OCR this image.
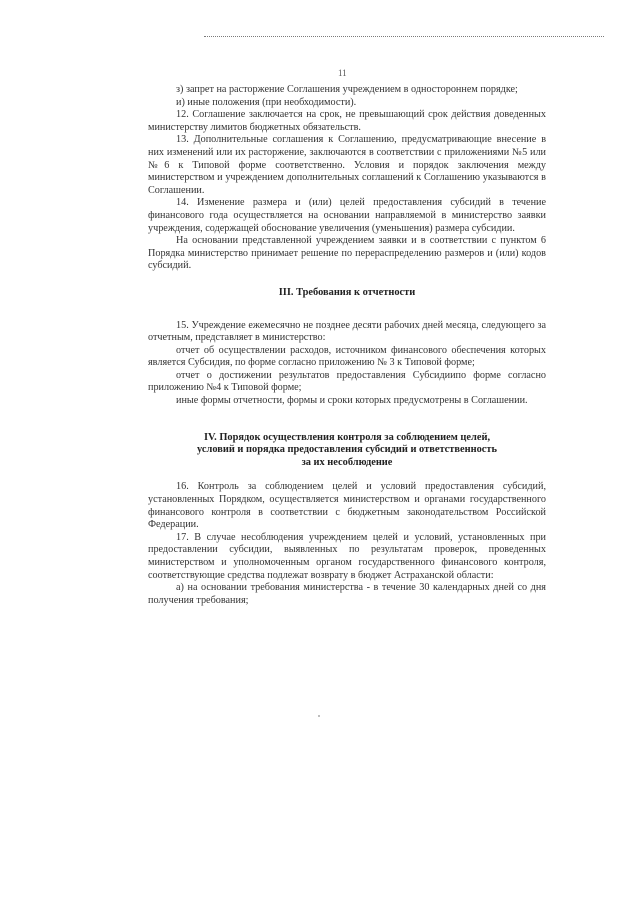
11

з) запрет на расторжение Соглашения учреждением в одностороннем порядке;

и) иные положения (при необходимости).

12. Соглашение заключается на срок, не превышающий срок действия доведенных министерству лимитов бюджетных обязательств.

13. Дополнительные соглашения к Соглашению, предусматривающие внесение в них изменений или их расторжение, заключаются в соответствии с приложениями №5 или №6 к Типовой форме соответственно. Условия и порядок заключения между министерством и учреждением дополнительных соглашений к Соглашению указываются в Соглашении.

14. Изменение размера и (или) целей предоставления субсидий в течение финансового года осуществляется на основании направляемой в министерство заявки учреждения, содержащей обоснование увеличения (уменьшения) размера субсидии.

На основании представленной учреждением заявки и в соответствии с пунктом 6 Порядка министерство принимает решение по перераспределению размеров и (или) кодов субсидий.

III. Требования к отчетности

15. Учреждение ежемесячно не позднее десяти рабочих дней месяца, следующего за отчетным, представляет в министерство:

отчет об осуществлении расходов, источником финансового обеспечения которых является Субсидия, по форме согласно приложению № 3 к Типовой форме;

отчет о достижении результатов предоставления Субсидиипо форме согласно приложению №4 к Типовой форме;

иные формы отчетности, формы и сроки которых предусмотрены в Соглашении.

IV. Порядок осуществления контроля за соблюдением целей,
условий и порядка предоставления субсидий и ответственность
за их несоблюдение

16. Контроль за соблюдением целей и условий предоставления субсидий, установленных Порядком, осуществляется министерством и органами государственного финансового контроля в соответствии с бюджетным законодательством Российской Федерации.

17. В случае несоблюдения учреждением целей и условий, установленных при предоставлении субсидии, выявленных по результатам проверок, проведенных министерством и уполномоченным органом государственного финансового контроля, соответствующие средства подлежат возврату в бюджет Астраханской области:

а) на основании требования министерства - в течение 30 календарных дней со дня получения требования;
